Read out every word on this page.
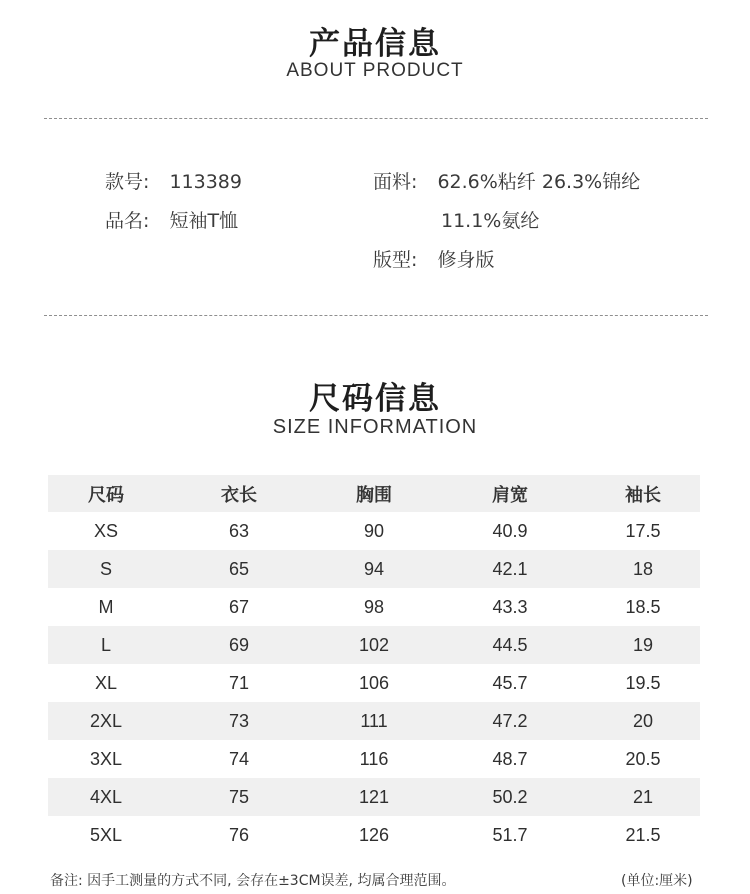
产品信息
ABOUT PRODUCT
款号: 113389
品名: 短袖T恤
面料: 62.6%粘纤 26.3%锦纶
11.1%氨纶
版型: 修身版
尺码信息
SIZE INFORMATION
尺码	衣长	胸围	肩宽	袖长
XS	63	90	40.9	17.5
S	65	94	42.1	18
M	67	98	43.3	18.5
L	69	102	44.5	19
XL	71	106	45.7	19.5
2XL	73	111	47.2	20
3XL	74	116	48.7	20.5
4XL	75	121	50.2	21
5XL	76	126	51.7	21.5
备注: 因手工测量的方式不同, 会存在±3CM误差, 均属合理范围。	(单位:厘米)
